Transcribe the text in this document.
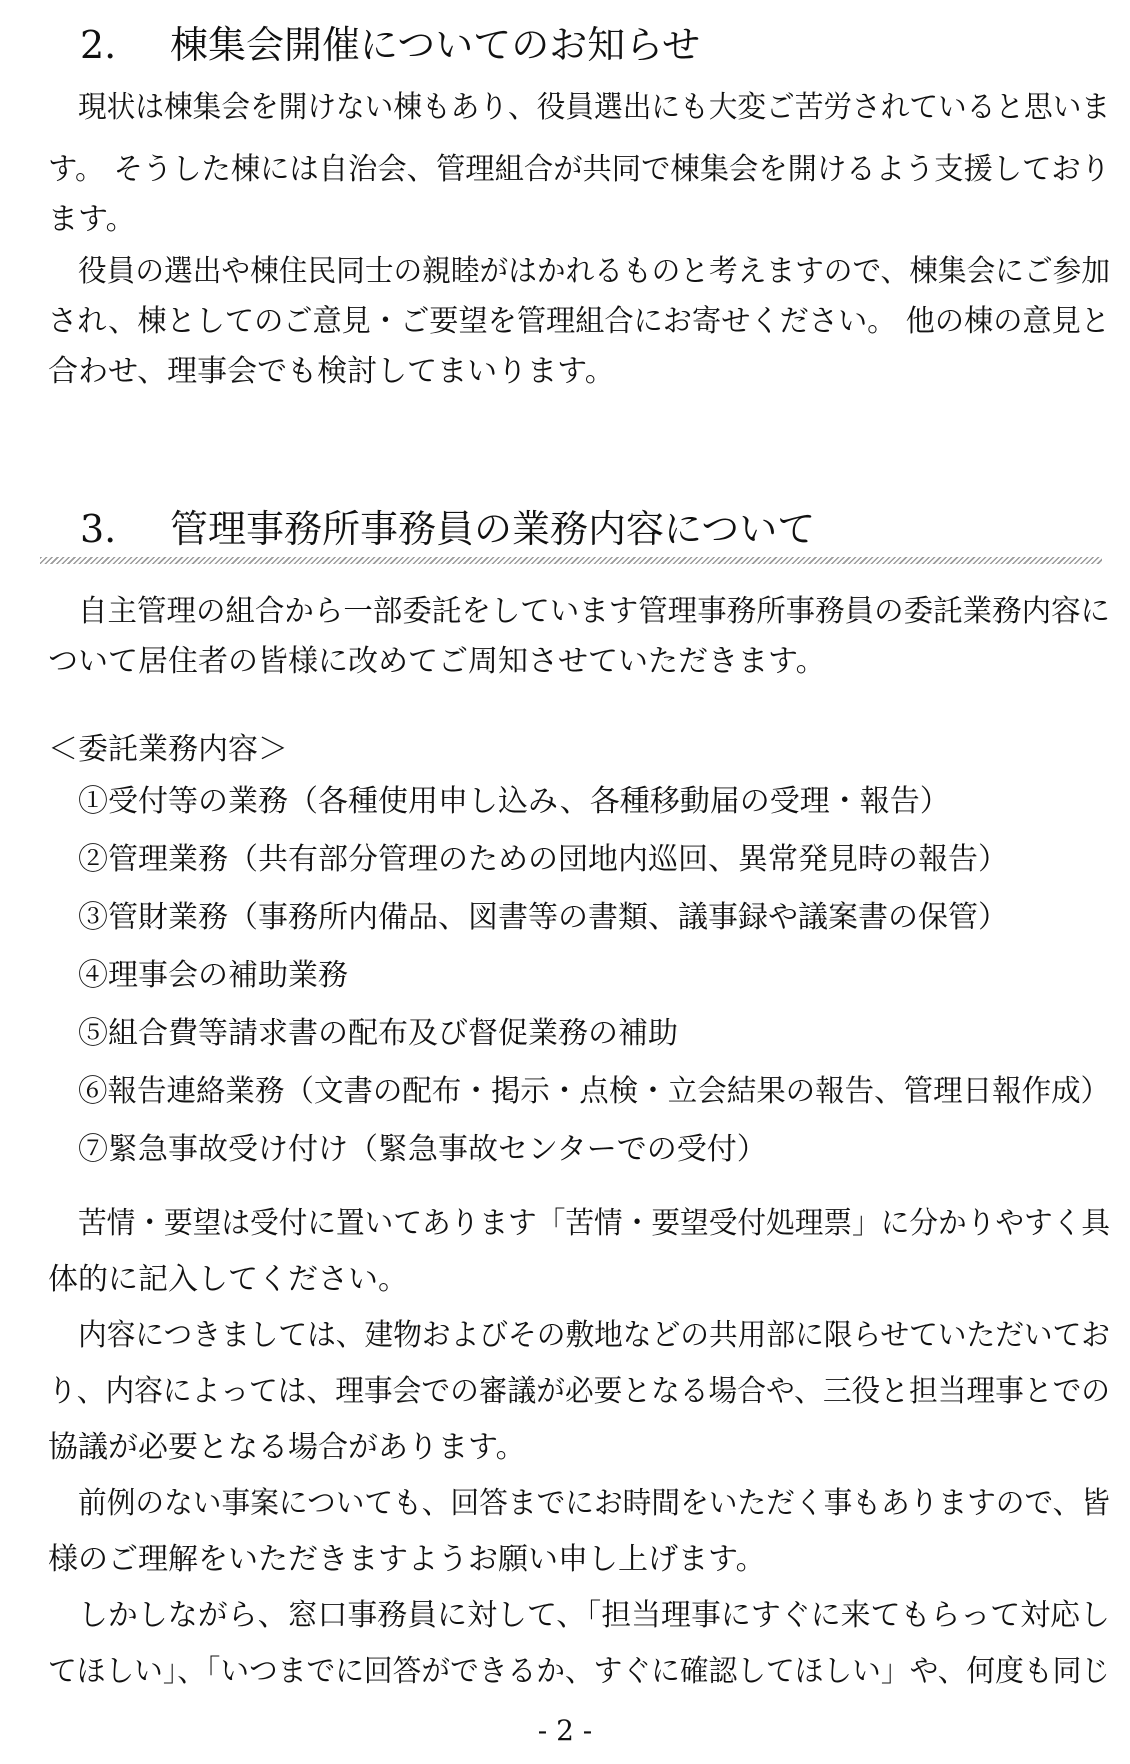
2. 棟集会開催についてのお知らせ
現状は棟集会を開けない棟もあり、役員選出にも大変ご苦労されていると思いま
す。 そうした棟には自治会、管理組合が共同で棟集会を開けるよう支援しており
ます。
役員の選出や棟住民同士の親睦がはかれるものと考えますので、棟集会にご参加
され、棟としてのご意見・ご要望を管理組合にお寄せください。 他の棟の意見と
合わせ、理事会でも検討してまいります。
3. 管理事務所事務員の業務内容について
自主管理の組合から一部委託をしています管理事務所事務員の委託業務内容に
ついて居住者の皆様に改めてご周知させていただきます。
＜委託業務内容＞
①受付等の業務（各種使用申し込み、各種移動届の受理・報告）
②管理業務（共有部分管理のための団地内巡回、異常発見時の報告）
③管財業務（事務所内備品、図書等の書類、議事録や議案書の保管）
④理事会の補助業務
⑤組合費等請求書の配布及び督促業務の補助
⑥報告連絡業務（文書の配布・掲示・点検・立会結果の報告、管理日報作成）
⑦緊急事故受け付け（緊急事故センターでの受付）
苦情・要望は受付に置いてあります「苦情・要望受付処理票」に分かりやすく具
体的に記入してください。
内容につきましては、建物およびその敷地などの共用部に限らせていただいてお
り、内容によっては、理事会での審議が必要となる場合や、三役と担当理事とでの
協議が必要となる場合があります。
前例のない事案についても、回答までにお時間をいただく事もありますので、皆
様のご理解をいただきますようお願い申し上げます。
しかしながら、窓口事務員に対して、「担当理事にすぐに来てもらって対応し
てほしい」、「いつまでに回答ができるか、すぐに確認してほしい」や、何度も同じ
- 2 -
